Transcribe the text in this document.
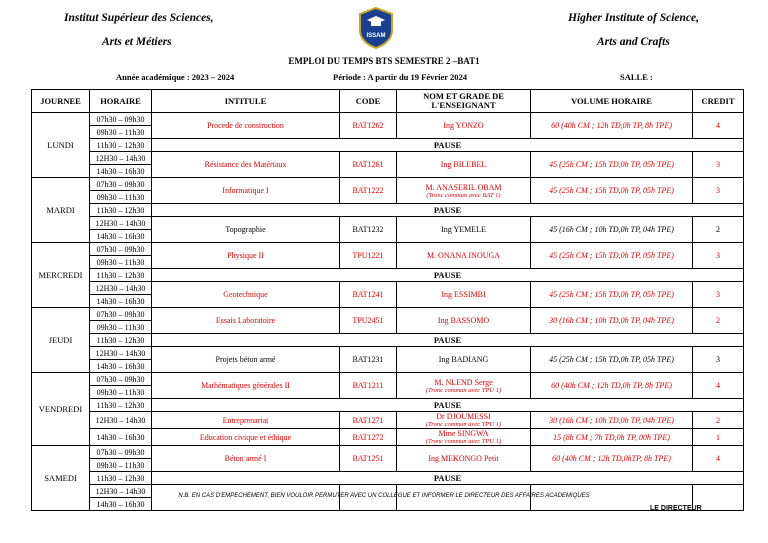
Institut Supérieur des Sciences,
Arts et Métiers	ISSAM
Higher Institute of Science,
Arts and Crafts
EMPLOI DU TEMPS BTS SEMESTRE 2 –BAT1
Année académique : 2023 – 2024	Période : A partir du 19 Février 2024	SALLE :
JOURNEE	HORAIRE	INTITULE	CODE	NOM ET GRADE DE L'ENSEIGNANT	VOLUME HORAIRE	CREDIT
LUNDI	07h30 – 09h30	Procede de construction	BAT1262	Ing YONZO	60 (40h CM ; 12h TD,0h TP, 8h TPE)	4
	09h30 – 11h30					
	11h30 – 12h30	PAUSE				
	12H30 – 14h30	Résistance des Matériaux	BAT1261	Ing BILEBEL	45 (25h CM ; 15h TD,0h TP, 05h TPE)	3
	14h30 – 16h30					
MARDI	07h30 – 09h30	Informatique I	BAT1222	M. ANASERIL OBAM
(Tronc commun avec BAT 1)	45 (25h CM ; 15h TD,0h TP, 05h TPE)	3
	09h30 – 11h30					
	11h30 – 12h30	PAUSE				
	12H30 – 14h30	Topographie	BAT1232	Ing YEMELE	45 (16h CM ; 10h TD,0h TP, 04h TPE)	2
	14h30 – 16h30					
MERCREDI	07h30 – 09h30	Physique II	TPU1221	M. ONANA INOUGA	45 (25h CM ; 15h TD,0h TP, 05h TPE)	3
	09h30 – 11h30					
	11h30 – 12h30	PAUSE				
	12H30 – 14h30	Geotechnique	BAT1241	Ing ESSIMBI	45 (25h CM ; 15h TD,0h TP, 05h TPE)	3
	14h30 – 16h30					
JEUDI	07h30 – 09h30	Essais Laboratoire	TPU2451	Ing BASSOMO	30 (16h CM ; 10h TD,0h TP, 04h TPE)	2
	09h30 – 11h30					
	11h30 – 12h30	PAUSE				
	12H30 – 14h30	Projets béton armé	BAT1231	Ing BADIANG	45 (25h CM ; 15h TD,0h TP, 05h TPE)	3
	14h30 – 16h30					
VENDREDI	07h30 – 09h30	Mathématiques générales II	BAT1211	M. NLEND Serge
(Tronc commun avec TPU 1)	60 (40h CM ; 12h TD,0h TP, 8h TPE)	4
	09h30 – 11h30					
	11h30 – 12h30	PAUSE				
	12H30 – 14h30	Entreprenariat	BAT1271	Dr DJOUMESSI
(Tronc commun avec TPU 1)	30 (16h CM ; 10h TD,0h TP, 04h TPE)	2
	14h30 – 16h30	Education civique et éthique	BAT1272	Mme SINGWA
(Tronc commun avec TPU 1)	15 (8h CM ; 7h TD,0h TP, 00h TPE)	1
SAMEDI	07h30 – 09h30	Béton armé I	BAT1251	Ing MEKONGO Petit	60 (40h CM ; 12h TD,0hTP, 8h TPE)	4
	09h30 – 11h30					
	11h30 – 12h30	PAUSE				
	12H30 – 14h30					
	14h30 – 16h30					
N.B. EN CAS D'EMPECHEMENT, BIEN VOULOIR PERMUTER AVEC UN COLLEGUE ET INFORMER LE DIRECTEUR DES AFFAIRES ACADEMIQUES
LE DIRECTEUR
